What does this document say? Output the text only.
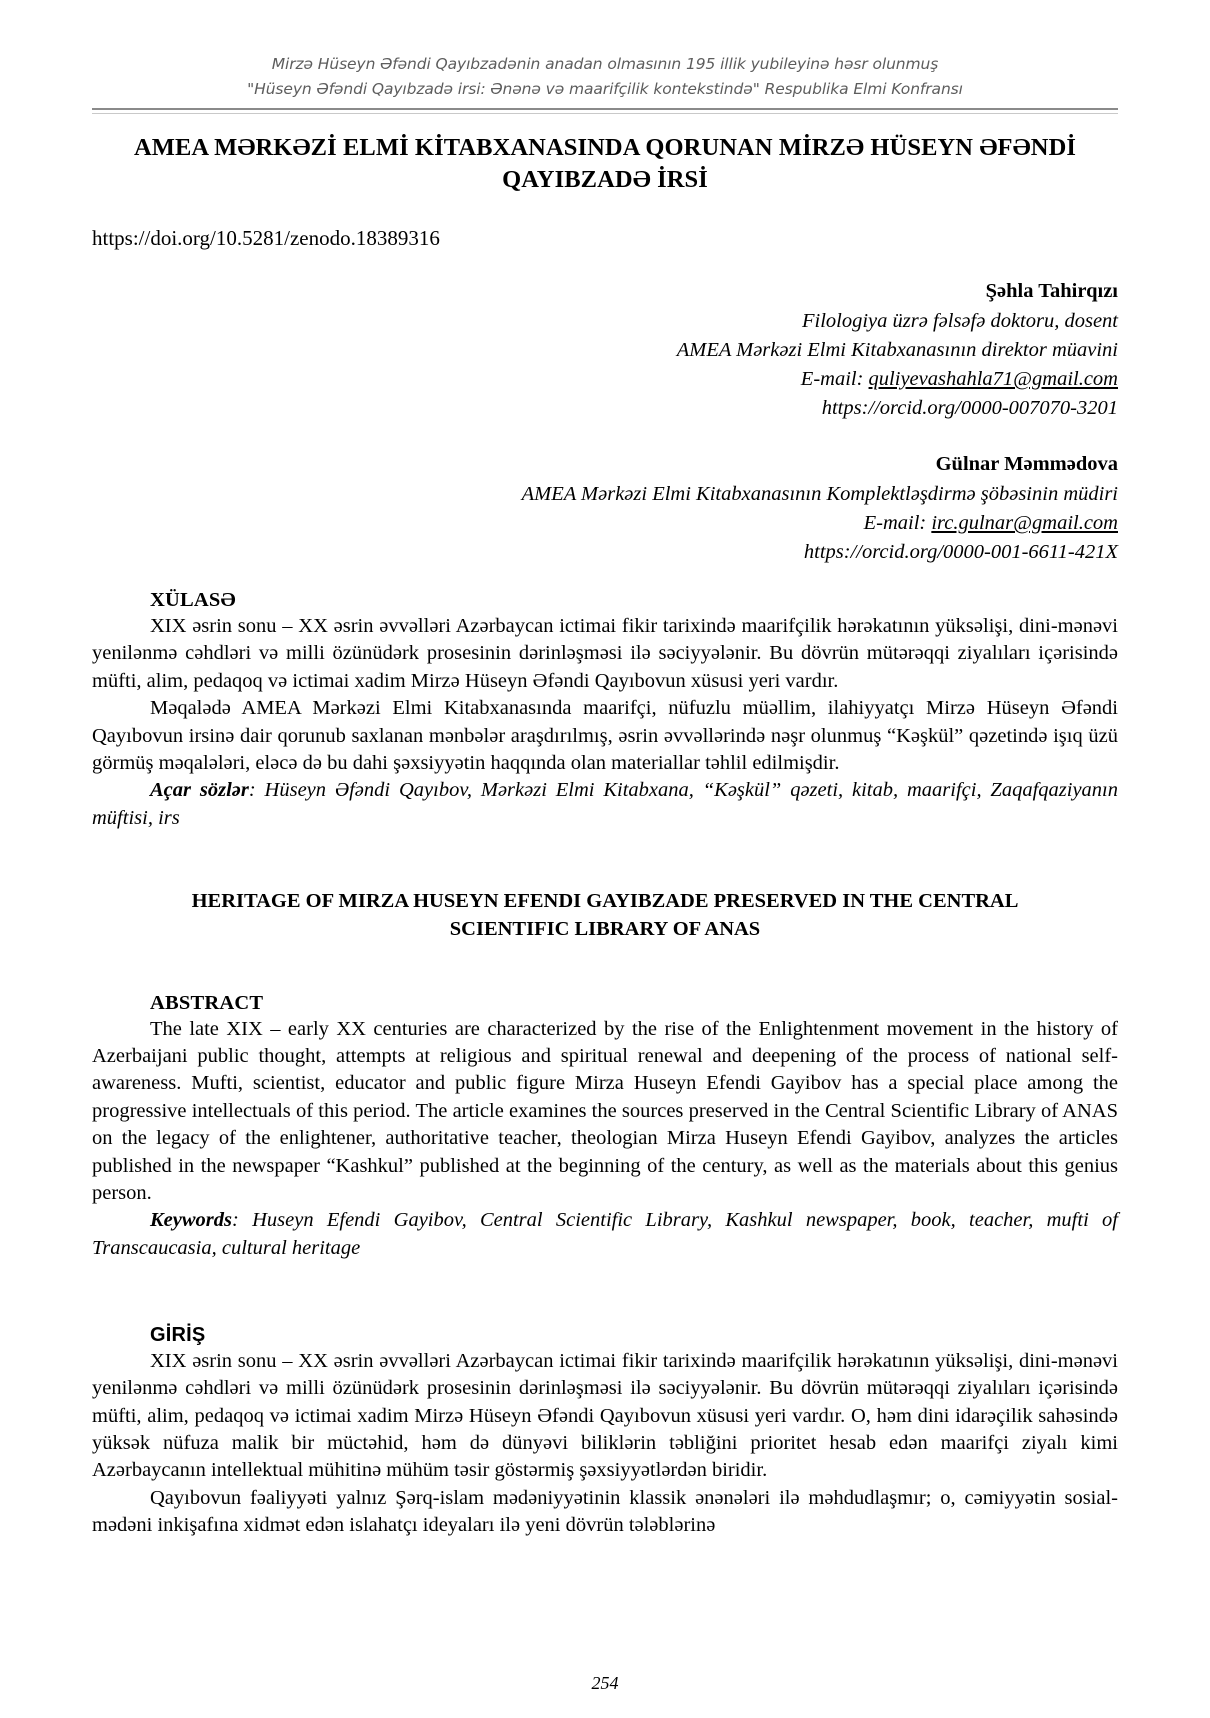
Mirzə Hüseyn Əfəndi Qayıbzadənin anadan olmasının 195 illik yubileyinə həsr olunmuş
"Hüseyn Əfəndi Qayıbzadə irsi: Ənənə və maarifçilik kontekstində" Respublika Elmi Konfransı
AMEA MƏRKƏZİ ELMİ KİTABXANASINDA QORUNAN MİRZƏ HÜSEYN ƏFƏNDİ QAYIBZADƏ İRSİ
https://doi.org/10.5281/zenodo.18389316
Şəhla Tahirqızı
Filologiya üzrə fəlsəfə doktoru, dosent
AMEA Mərkəzi Elmi Kitabxanasının direktor müavini
E-mail: quliyevashahla71@gmail.com
https://orcid.org/0000-007070-3201
Gülnar Məmmədova
AMEA Mərkəzi Elmi Kitabxanasının Komplektləşdirmə şöbəsinin müdiri
E-mail: irc.gulnar@gmail.com
https://orcid.org/0000-001-6611-421X
XÜLASƏ

XIX əsrin sonu – XX əsrin əvvəlləri Azərbaycan ictimai fikir tarixində maarifçilik hərəkatının yüksəlişi, dini-mənəvi yenilənmə cəhdləri və milli özünüdərk prosesinin dərinləşməsi ilə səciyyələnir. Bu dövrün mütərəqqi ziyalıları içərisində müfti, alim, pedaqoq və ictimai xadim Mirzə Hüseyn Əfəndi Qayıbovun xüsusi yeri vardır.

Məqalədə AMEA Mərkəzi Elmi Kitabxanasında maarifçi, nüfuzlu müəllim, ilahiyyatçı Mirzə Hüseyn Əfəndi Qayıbovun irsinə dair qorunub saxlanan mənbələr araşdırılmış, əsrin əvvəllərində nəşr olunmuş “Kəşkül” qəzetində işıq üzü görmüş məqalələri, eləcə də bu dahi şəxsiyyətin haqqında olan materiallar təhlil edilmişdir.

Açar sözlər: Hüseyn Əfəndi Qayıbov, Mərkəzi Elmi Kitabxana, “Kəşkül” qəzeti, kitab, maarifçi, Zaqafqaziyanın müftisi, irs

HERITAGE OF MIRZA HUSEYN EFENDI GAYIBZADE PRESERVED IN THE CENTRAL SCIENTIFIC LIBRARY OF ANAS
ABSTRACT

The late XIX – early XX centuries are characterized by the rise of the Enlightenment movement in the history of Azerbaijani public thought, attempts at religious and spiritual renewal and deepening of the process of national self-awareness. Mufti, scientist, educator and public figure Mirza Huseyn Efendi Gayibov has a special place among the progressive intellectuals of this period. The article examines the sources preserved in the Central Scientific Library of ANAS on the legacy of the enlightener, authoritative teacher, theologian Mirza Huseyn Efendi Gayibov, analyzes the articles published in the newspaper “Kashkul” published at the beginning of the century, as well as the materials about this genius person.

Keywords: Huseyn Efendi Gayibov, Central Scientific Library, Kashkul newspaper, book, teacher, mufti of Transcaucasia, cultural heritage

GİRİŞ

XIX əsrin sonu – XX əsrin əvvəlləri Azərbaycan ictimai fikir tarixində maarifçilik hərəkatının yüksəlişi, dini-mənəvi yenilənmə cəhdləri və milli özünüdərk prosesinin dərinləşməsi ilə səciyyələnir. Bu dövrün mütərəqqi ziyalıları içərisində müfti, alim, pedaqoq və ictimai xadim Mirzə Hüseyn Əfəndi Qayıbovun xüsusi yeri vardır. O, həm dini idarəçilik sahəsində yüksək nüfuza malik bir müctəhid, həm də dünyəvi biliklərin təbliğini prioritet hesab edən maarifçi ziyalı kimi Azərbaycanın intellektual mühitinə mühüm təsir göstərmiş şəxsiyyətlərdən biridir.

Qayıbovun fəaliyyəti yalnız Şərq-islam mədəniyyətinin klassik ənənələri ilə məhdudlaşmır; o, cəmiyyətin sosial-mədəni inkişafına xidmət edən islahatçı ideyaları ilə yeni dövrün tələblərinə

254
